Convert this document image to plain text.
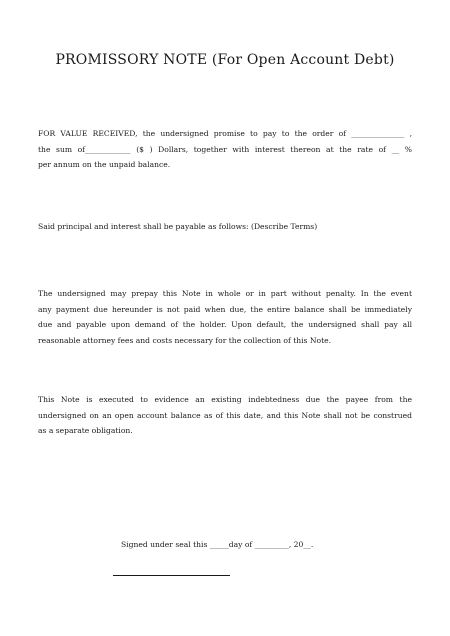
PROMISSORY NOTE (For Open Account Debt)
FOR VALUE RECEIVED, the undersigned promise to pay to the order of ______________ ,
the sum of____________ ($ ) Dollars, together with interest thereon at the rate of __ %
per annum on the unpaid balance.
Said principal and interest shall be payable as follows: (Describe Terms)
The undersigned may prepay this Note in whole or in part without penalty. In the event
any payment due hereunder is not paid when due, the entire balance shall be immediately
due and payable upon demand of the holder. Upon default, the undersigned shall pay all
reasonable attorney fees and costs necessary for the collection of this Note.
This Note is executed to evidence an existing indebtedness due the payee from the
undersigned on an open account balance as of this date, and this Note shall not be construed
as a separate obligation.
Signed under seal this _____day of _________, 20__.
